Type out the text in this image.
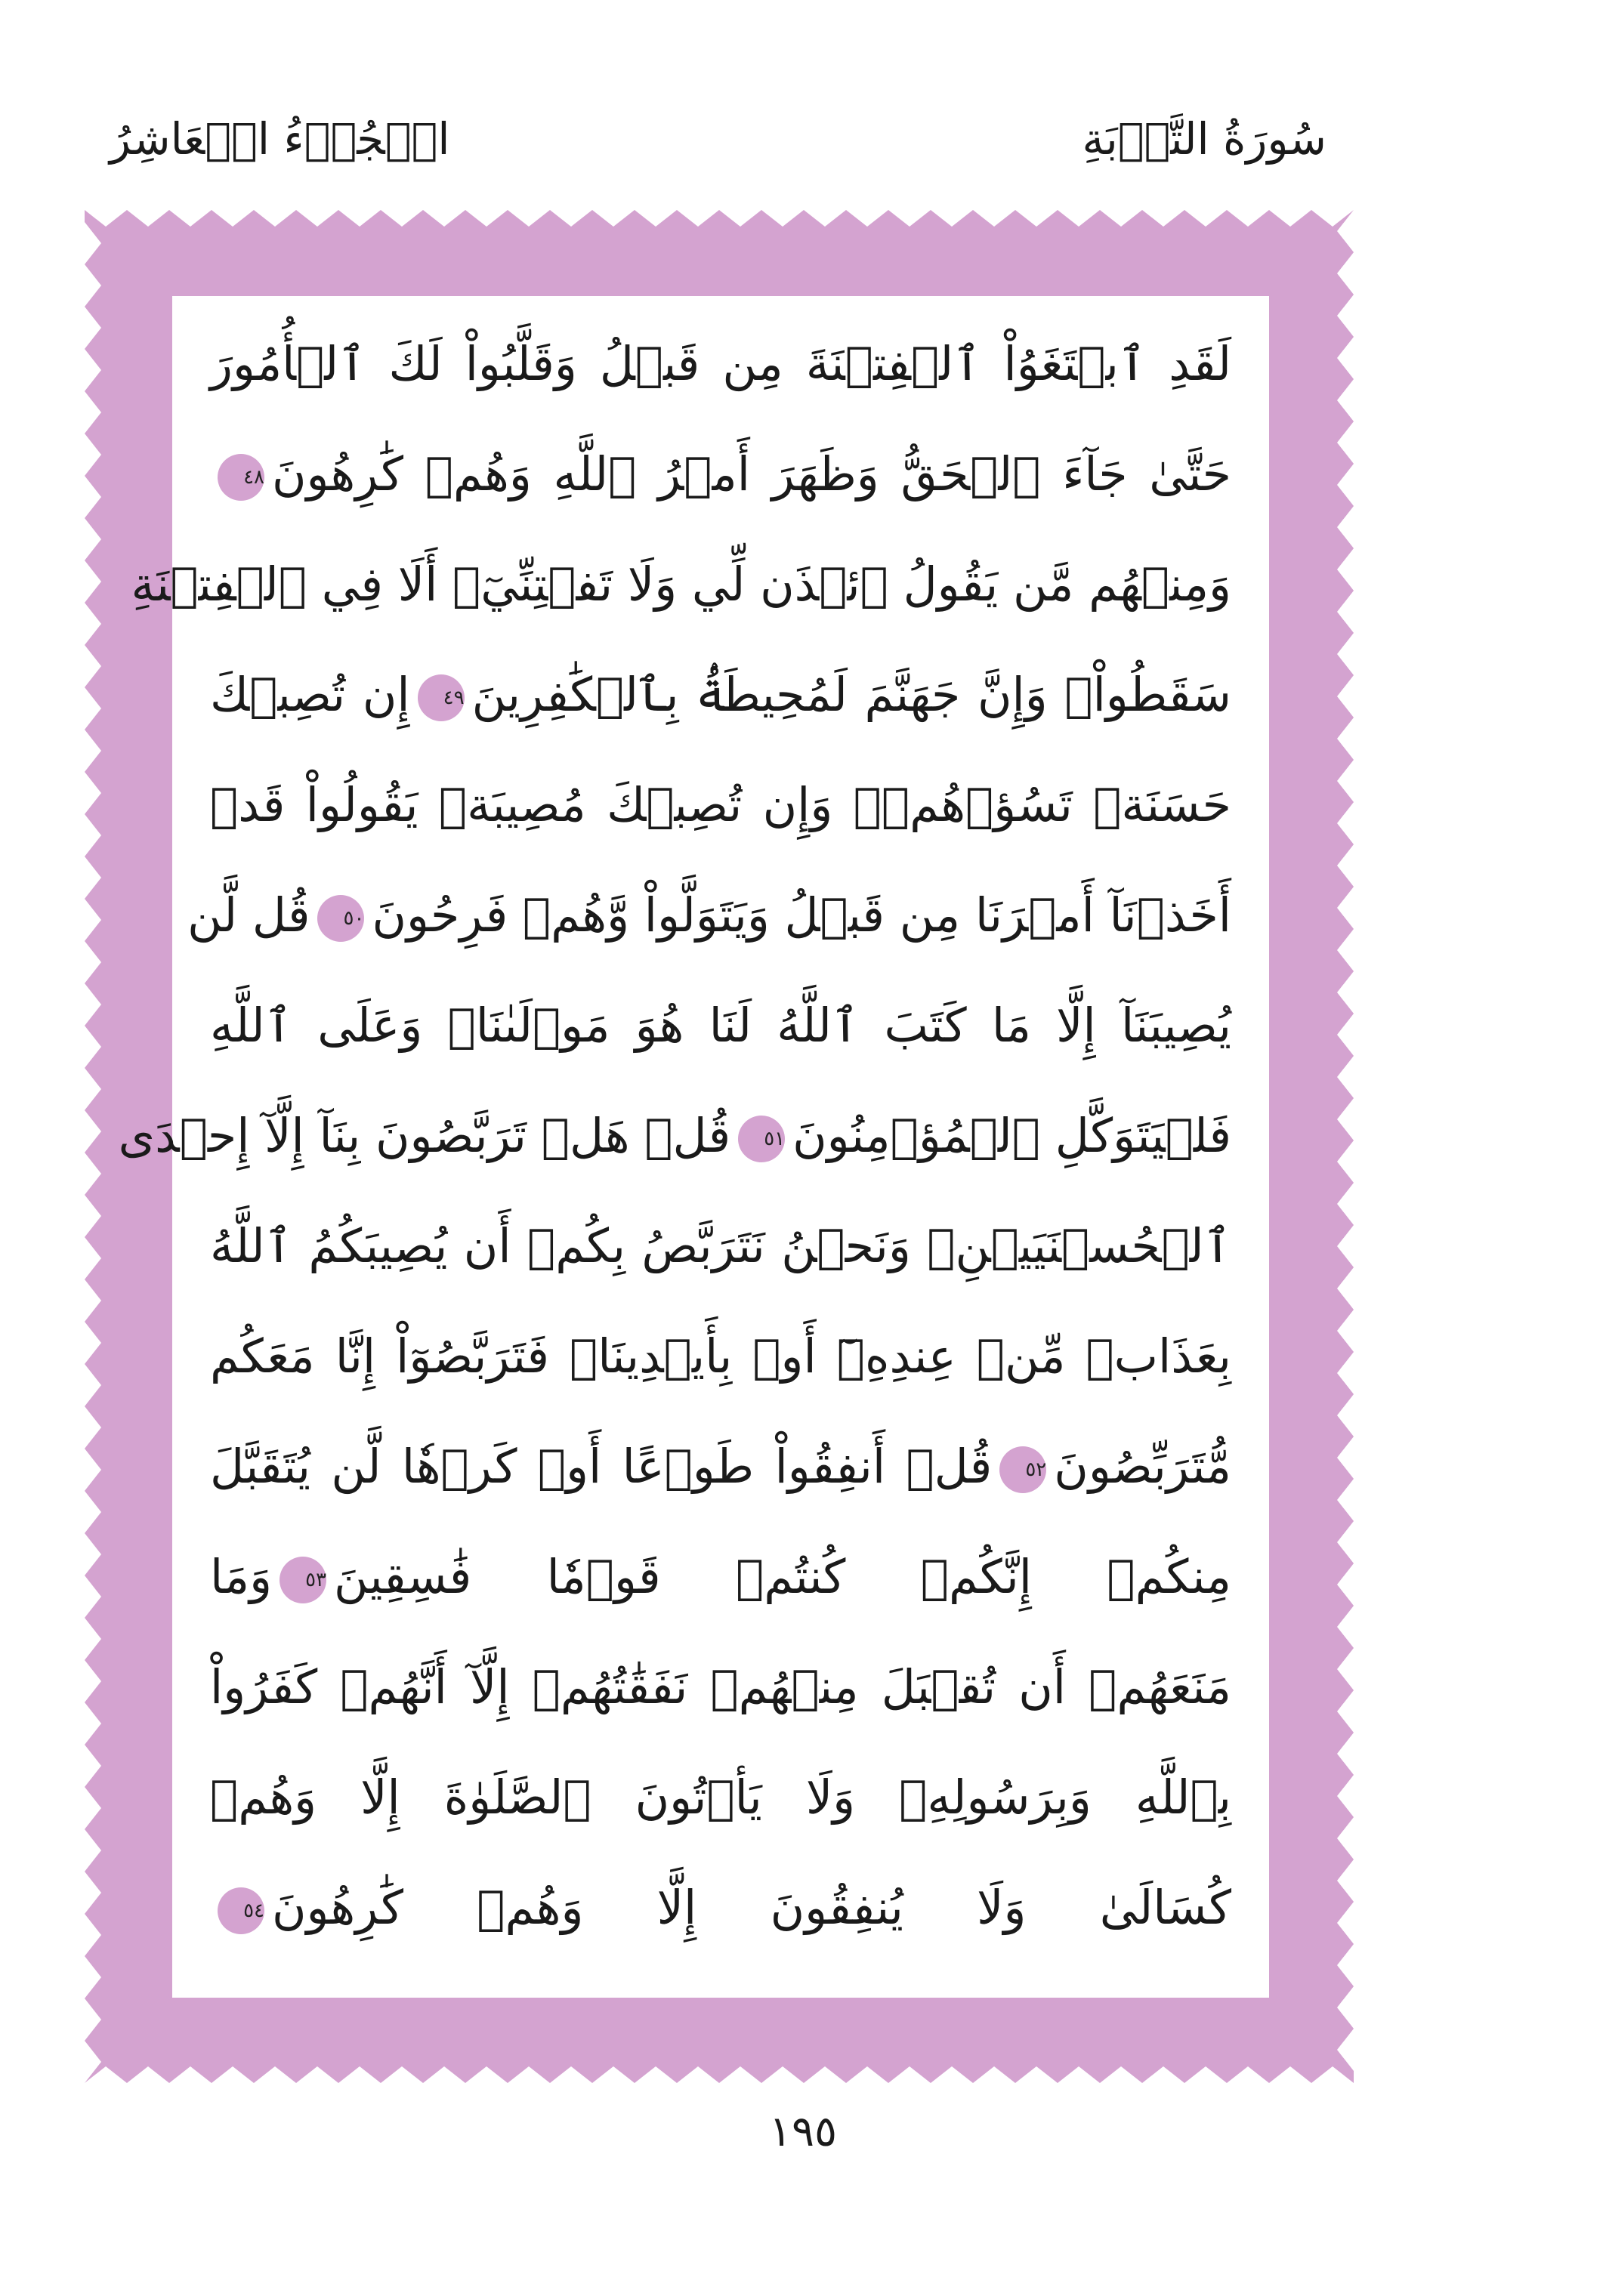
سُورَةُ التَّوۡبَةِ
الۡجُزۡءُ الۡعَاشِرُ
لَقَدِ ٱبۡتَغَوُاْ ٱلۡفِتۡنَةَ مِن قَبۡلُ وَقَلَّبُواْ لَكَ ٱلۡأُمُورَ
حَتَّىٰ جَآءَ ٱلۡحَقُّ وَظَهَرَ أَمۡرُ ٱللَّهِ وَهُمۡ كَٰرِهُونَ٤٨
وَمِنۡهُم مَّن يَقُولُ ٱئۡذَن لِّي وَلَا تَفۡتِنِّيٓۚ أَلَا فِي ٱلۡفِتۡنَةِ
سَقَطُواْۗ وَإِنَّ جَهَنَّمَ لَمُحِيطَةُۢ بِٱلۡكَٰفِرِينَ٤٩إِن تُصِبۡكَ
حَسَنَةٞ تَسُؤۡهُمۡۖ وَإِن تُصِبۡكَ مُصِيبَةٞ يَقُولُواْ قَدۡ
أَخَذۡنَآ أَمۡرَنَا مِن قَبۡلُ وَيَتَوَلَّواْ وَّهُمۡ فَرِحُونَ٥٠قُل لَّن
يُصِيبَنَآ إِلَّا مَا كَتَبَ ٱللَّهُ لَنَا هُوَ مَوۡلَىٰنَاۚ وَعَلَى ٱللَّهِ
فَلۡيَتَوَكَّلِ ٱلۡمُؤۡمِنُونَ٥١قُلۡ هَلۡ تَرَبَّصُونَ بِنَآ إِلَّآ إِحۡدَى
ٱلۡحُسۡنَيَيۡنِۖ وَنَحۡنُ نَتَرَبَّصُ بِكُمۡ أَن يُصِيبَكُمُ ٱللَّهُ
بِعَذَابٖ مِّنۡ عِندِهِۦٓ أَوۡ بِأَيۡدِينَاۖ فَتَرَبَّصُوٓاْ إِنَّا مَعَكُم
مُّتَرَبِّصُونَ٥٢قُلۡ أَنفِقُواْ طَوۡعًا أَوۡ كَرۡهٗا لَّن يُتَقَبَّلَ
مِنكُمۡ إِنَّكُمۡ كُنتُمۡ قَوۡمٗا فَٰسِقِينَ٥٣وَمَا
مَنَعَهُمۡ أَن تُقۡبَلَ مِنۡهُمۡ نَفَقَٰتُهُمۡ إِلَّآ أَنَّهُمۡ كَفَرُواْ
بِٱللَّهِ وَبِرَسُولِهِۦ وَلَا يَأۡتُونَ ٱلصَّلَوٰةَ إِلَّا وَهُمۡ
كُسَالَىٰ وَلَا يُنفِقُونَ إِلَّا وَهُمۡ كَٰرِهُونَ٥٤
١٩٥
